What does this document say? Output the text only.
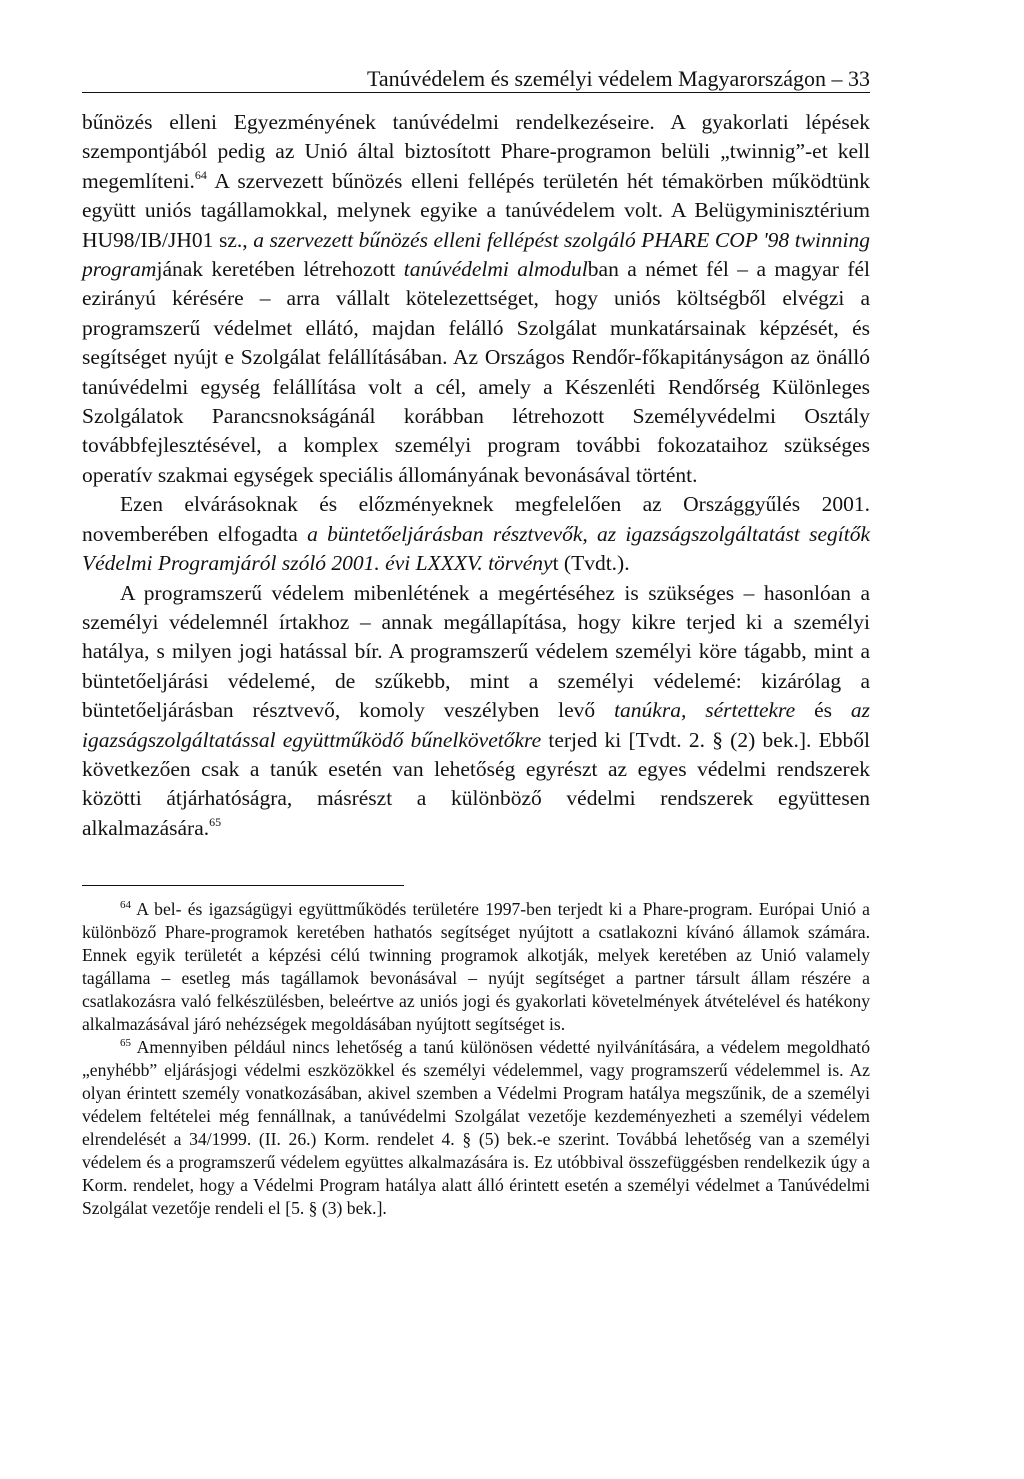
Tanúvédelem és személyi védelem Magyarországon – 33

bűnözés elleni Egyezményének tanúvédelmi rendelkezéseire. A gyakorlati lépések szempontjából pedig az Unió által biztosított Phare-programon belüli „twinnig”-et kell megemlíteni.$^{64}$ A szervezett bűnözés elleni fellépés területén hét témakörben működtünk együtt uniós tagállamokkal, melynek egyike a tanúvédelem volt. A Belügyminisztérium HU98/IB/JH01 sz., a szervezett bűnözés elleni fellépést szolgáló PHARE COP '98 twinning programjának keretében létrehozott tanúvédelmi almodulban a német fél – a magyar fél ezirányú kérésére – arra vállalt kötelezettséget, hogy uniós költségből elvégzi a programszerű védelmet ellátó, majdan felálló Szolgálat munkatársainak képzését, és segítséget nyújt e Szolgálat felállításában. Az Országos Rendőr-főkapitányságon az önálló tanúvédelmi egység felállítása volt a cél, amely a Készenléti Rendőrség Különleges Szolgálatok Parancsnokságánál korábban létrehozott Személyvédelmi Osztály továbbfejlesztésével, a komplex személyi program további fokozataihoz szükséges operatív szakmai egységek speciális állományának bevonásával történt.

Ezen elvárásoknak és előzményeknek megfelelően az Országgyűlés 2001. novemberében elfogadta a büntetőeljárásban résztvevők, az igazságszolgáltatást segítők Védelmi Programjáról szóló 2001. évi LXXXV. törvényt (Tvdt.).

A programszerű védelem mibenlétének a megértéséhez is szükséges – hasonlóan a személyi védelemnél írtakhoz – annak megállapítása, hogy kikre terjed ki a személyi hatálya, s milyen jogi hatással bír. A programszerű védelem személyi köre tágabb, mint a büntetőeljárási védelemé, de szűkebb, mint a személyi védelemé: kizárólag a büntetőeljárásban résztvevő, komoly veszélyben levő tanúkra, sértettekre és az igazságszolgáltatással együttműködő bűnelkövetőkre terjed ki [Tvdt. 2. § (2) bek.]. Ebből következően csak a tanúk esetén van lehetőség egyrészt az egyes védelmi rendszerek közötti átjárhatóságra, másrészt a különböző védelmi rendszerek együttesen alkalmazására.$^{65}$

$^{64}$ A bel- és igazságügyi együttműködés területére 1997-ben terjedt ki a Phare-program. Európai Unió a különböző Phare-programok keretében hathatós segítséget nyújtott a csatlakozni kívánó államok számára. Ennek egyik területét a képzési célú twinning programok alkotják, melyek keretében az Unió valamely tagállama – esetleg más tagállamok bevonásával – nyújt segítséget a partner társult állam részére a csatlakozásra való felkészülésben, beleértve az uniós jogi és gyakorlati követelmények átvételével és hatékony alkalmazásával járó nehézségek megoldásában nyújtott segítséget is.

$^{65}$ Amennyiben például nincs lehetőség a tanú különösen védetté nyilvánítására, a védelem megoldható „enyhébb” eljárásjogi védelmi eszközökkel és személyi védelemmel, vagy programszerű védelemmel is. Az olyan érintett személy vonatkozásában, akivel szemben a Védelmi Program hatálya megszűnik, de a személyi védelem feltételei még fennállnak, a tanúvédelmi Szolgálat vezetője kezdeményezheti a személyi védelem elrendelését a 34/1999. (II. 26.) Korm. rendelet 4. § (5) bek.-e szerint. Továbbá lehetőség van a személyi védelem és a programszerű védelem együttes alkalmazására is. Ez utóbbival összefüggésben rendelkezik úgy a Korm. rendelet, hogy a Védelmi Program hatálya alatt álló érintett esetén a személyi védelmet a Tanúvédelmi Szolgálat vezetője rendeli el [5. § (3) bek.].
